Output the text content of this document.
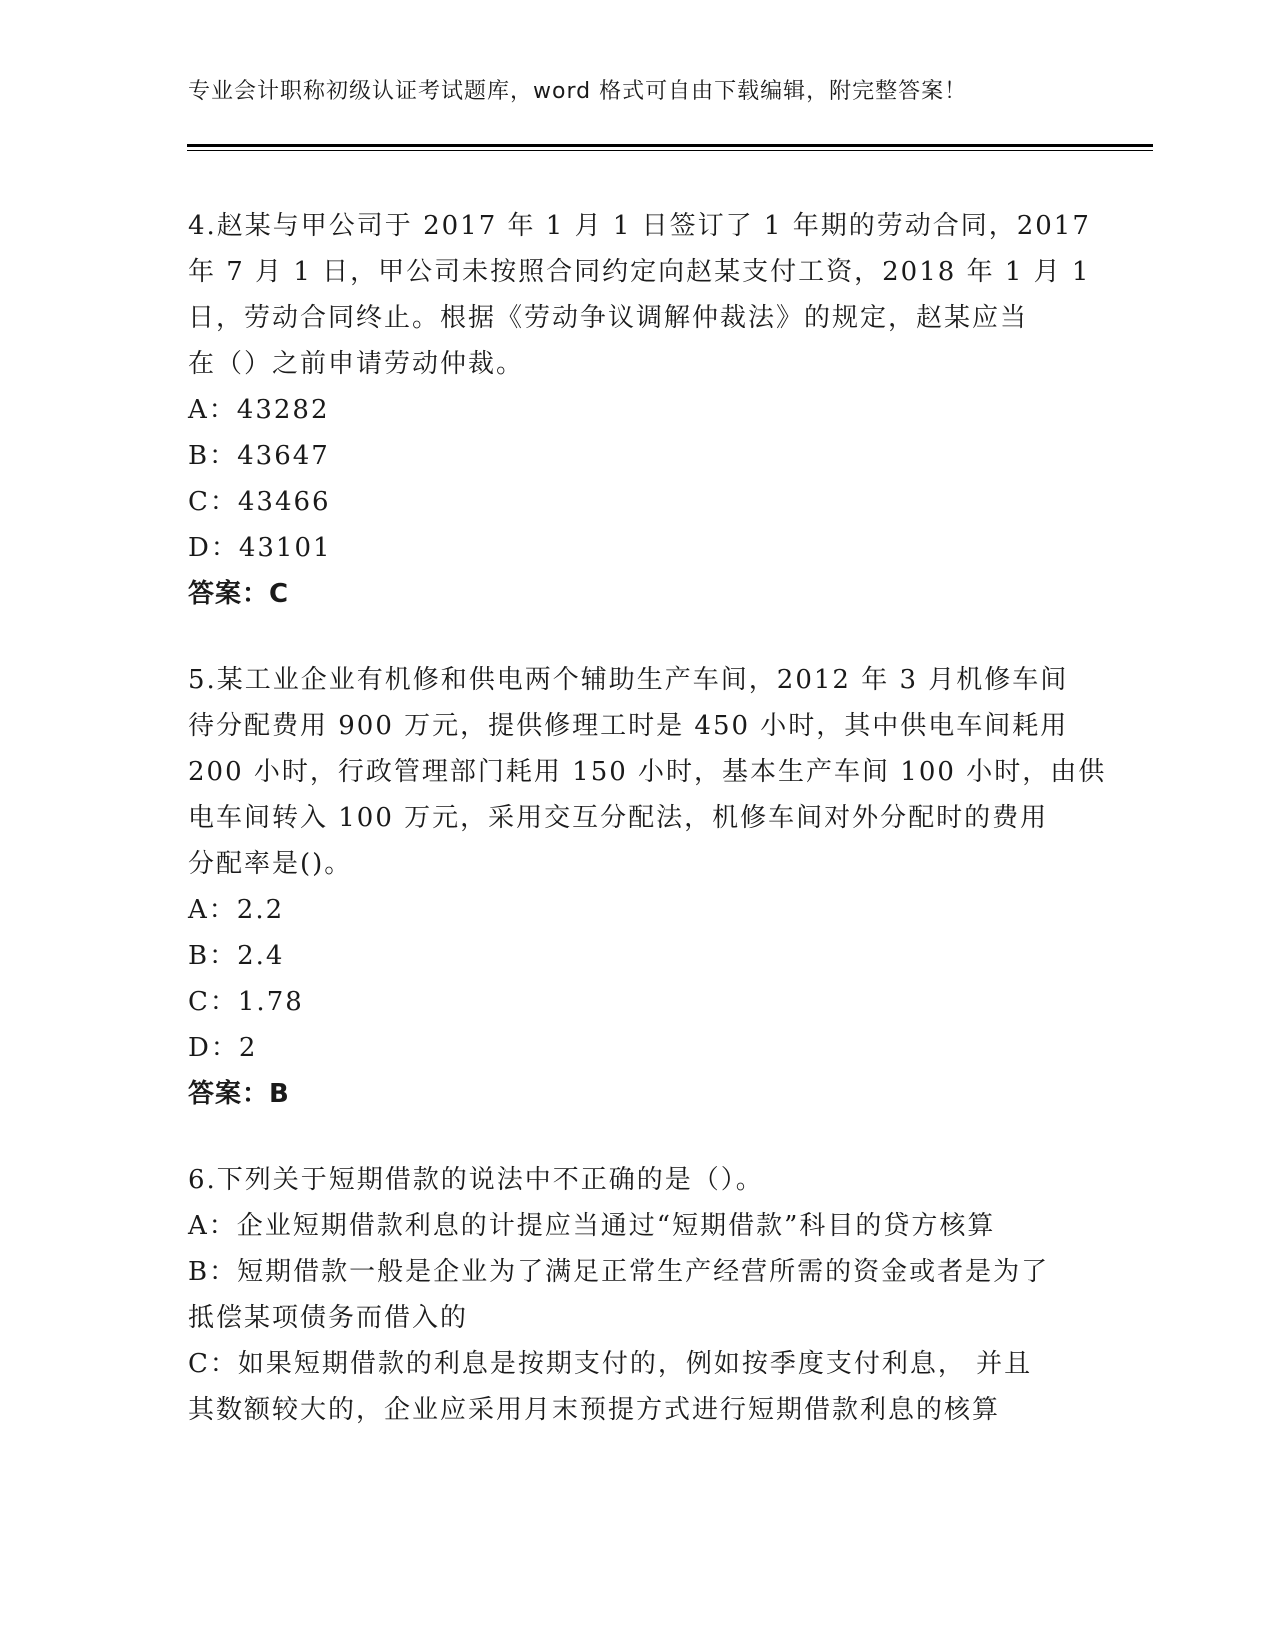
专业会计职称初级认证考试题库，word 格式可自由下载编辑，附完整答案！
4.赵某与甲公司于 2017 年 1 月 1 日签订了 1 年期的劳动合同，2017
年 7 月 1 日，甲公司未按照合同约定向赵某支付工资，2018 年 1 月 1
日，劳动合同终止。根据《劳动争议调解仲裁法》的规定，赵某应当
在（）之前申请劳动仲裁。
A：43282
B：43647
C：43466
D：43101
答案：C
5.某工业企业有机修和供电两个辅助生产车间，2012 年 3 月机修车间
待分配费用 900 万元，提供修理工时是 450 小时，其中供电车间耗用
200 小时，行政管理部门耗用 150 小时，基本生产车间 100 小时，由供
电车间转入 100 万元，采用交互分配法，机修车间对外分配时的费用
分配率是()。
A：2.2
B：2.4
C：1.78
D：2
答案：B
6.下列关于短期借款的说法中不正确的是（）。
A：企业短期借款利息的计提应当通过“短期借款”科目的贷方核算
B：短期借款一般是企业为了满足正常生产经营所需的资金或者是为了
抵偿某项债务而借入的
C：如果短期借款的利息是按期支付的，例如按季度支付利息， 并且
其数额较大的，企业应采用月末预提方式进行短期借款利息的核算
